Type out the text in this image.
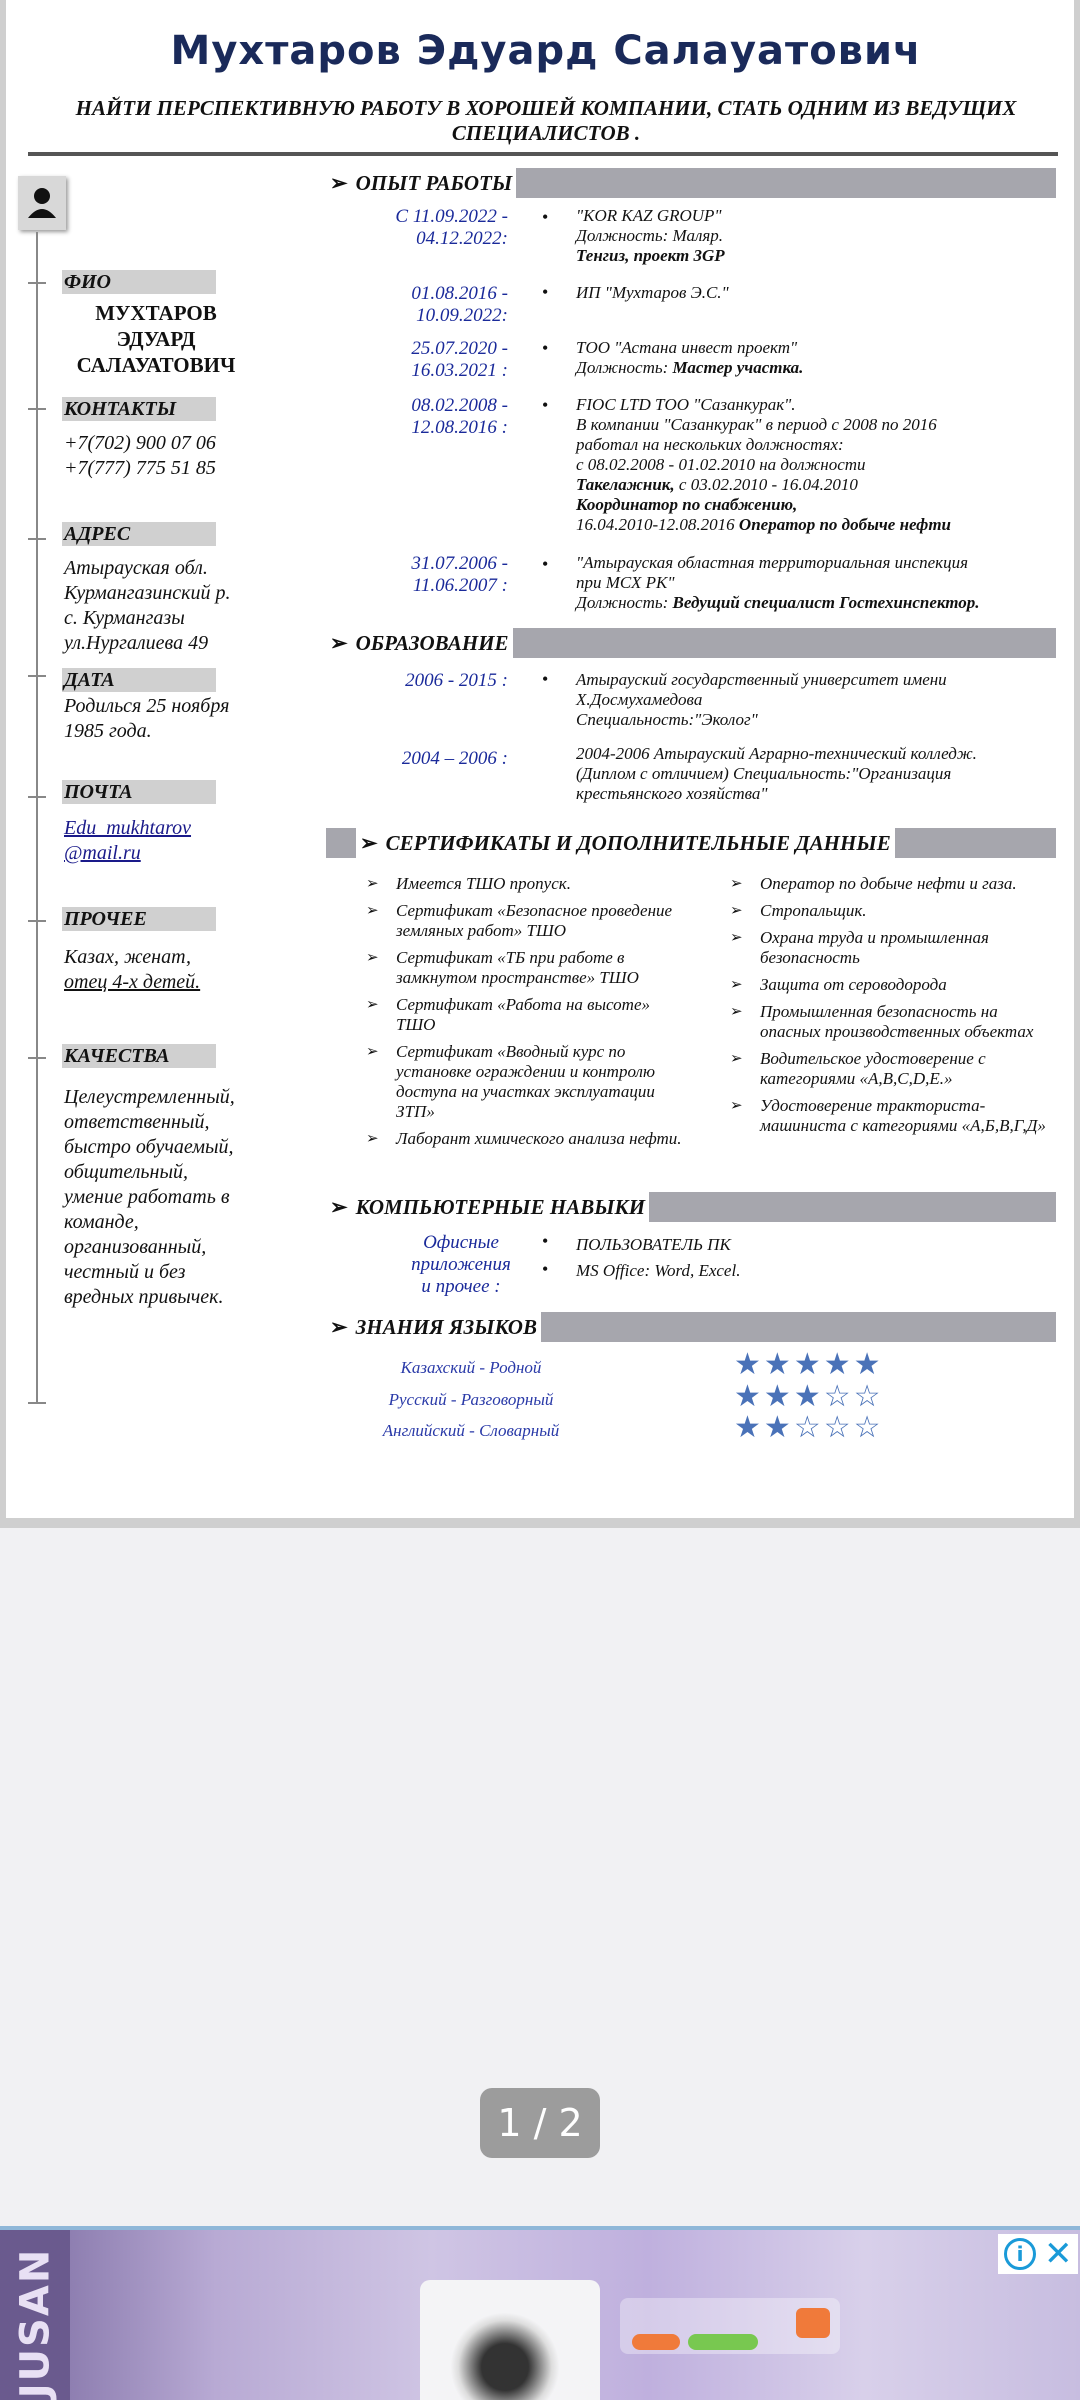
Мухтаров Эдуард Салауатович
НАЙТИ ПЕРСПЕКТИВНУЮ РАБОТУ В ХОРОШЕЙ КОМПАНИИ, СТАТЬ ОДНИМ ИЗ ВЕДУЩИХ СПЕЦИАЛИСТОВ .
ФИО
МУХТАРОВ
ЭДУАРД
САЛАУАТОВИЧ
КОНТАКТЫ
+7(702) 900 07 06
+7(777) 775 51 85
АДРЕС
Атырауская обл.
Курмангазинский р.
с. Курмангазы
ул.Нургалиева 49
ДАТА
Родилься 25 ноября
1985 года.
ПОЧТА
Edu_mukhtarov
@mail.ru
ПРОЧЕЕ
Казах, женат,
отец 4-х детей.
КАЧЕСТВА
Целеустремленный,
ответственный,
быстро обучаемый,
общительный,
умение работать в
команде,
организованный,
честный и без
вредных привычек.
➢ ОПЫТ РАБОТЫ
С 11.09.2022 -
04.12.2022:
• "KOR KAZ GROUP"
Должность: Маляр.
Тенгиз, проект 3GP
01.08.2016 -
10.09.2022:
• ИП "Мухтаров Э.С."
25.07.2020 -
16.03.2021 :
• ТОО "Астана инвест проект"
Должность: Мастер участка.
08.02.2008 -
12.08.2016 :
• FIOC LTD ТОО "Сазанкурак".
В компании "Сазанкурак" в период с 2008 по 2016
работал на нескольких должностях:
с 08.02.2008 - 01.02.2010 на должности
Такелажник, с 03.02.2010 - 16.04.2010
Координатор по снабжению,
16.04.2010-12.08.2016 Оператор по добыче нефти
31.07.2006 -
11.06.2007 :
• "Атырауская областная территориальная инспекция
при МСХ РК"
Должность: Ведущий специалист Гостехинспектор.
➢ ОБРАЗОВАНИЕ
2006 - 2015 : • Атырауский государственный университет имени
Х.Досмухамедова
Специальность:"Эколог"
2004 – 2006 :	2004-2006 Атырауский Аграрно-технический колледж.
(Диплом с отличием) Специальность:"Организация
крестьянского хозяйства"
➢ СЕРТИФИКАТЫ И ДОПОЛНИТЕЛЬНЫЕ ДАННЫЕ
➢ Имеется ТШО пропуск.
➢ Сертификат «Безопасное проведение земляных работ» ТШО
➢ Сертификат «ТБ при работе в замкнутом пространстве» ТШО
➢ Сертификат «Работа на высоте» ТШО
➢ Сертификат «Вводный курс по установке ограждении и контролю доступа на участках эксплуатации ЗТП»
➢ Лаборант химического анализа нефти.
➢ Оператор по добыче нефти и газа.
➢ Стропальщик.
➢ Охрана труда и промышленная безопасность
➢ Защита от сероводорода
➢ Промышленная безопасность на опасных производственных объектах
➢ Водительское удостоверение с категориями «А,В,С,D,Е.»
➢ Удостоверение тракториста-машиниста с категориями «А,Б,В,Г,Д»
➢ КОМПЬЮТЕРНЫЕ НАВЫКИ
Офисные
приложения
и прочее :
•
•
ПОЛЬЗОВАТЕЛЬ ПК
MS Office: Word, Excel.
➢ ЗНАНИЯ ЯЗЫКОВ
Казахский - Родной	★★★★★
Русский - Разговорный	★★★☆☆
Английский - Словарный	★★☆☆☆
1 / 2
JUSAN	i ✕
